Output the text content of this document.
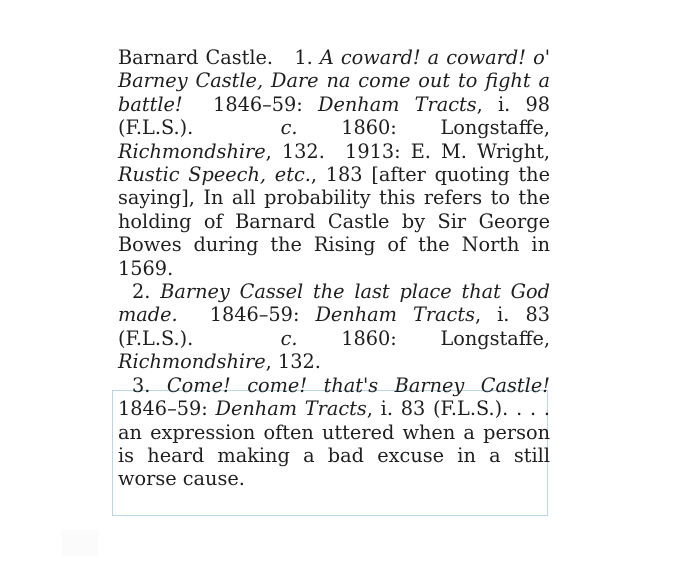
Barnard Castle. 1. A coward! a coward! o' Barney Castle, Dare na come out to fight a battle! 1846–59: Denham Tracts, i. 98 (F.L.S.).	c. 1860: Longstaffe, Richmondshire, 132. 1913: E. M. Wright, Rustic Speech, etc., 183 [after quoting the saying], In all probability this refers to the holding of Barnard Castle by Sir George Bowes during the Rising of the North in 1569.

2. Barney Cassel the last place that God made. 1846–59: Denham Tracts, i. 83 (F.L.S.).	c. 1860: Longstaffe, Richmondshire, 132.

3. Come! come! that's Barney Castle! 1846–59: Denham Tracts, i. 83 (F.L.S.). . . . an expression often uttered when a person is heard making a bad excuse in a still worse cause.
